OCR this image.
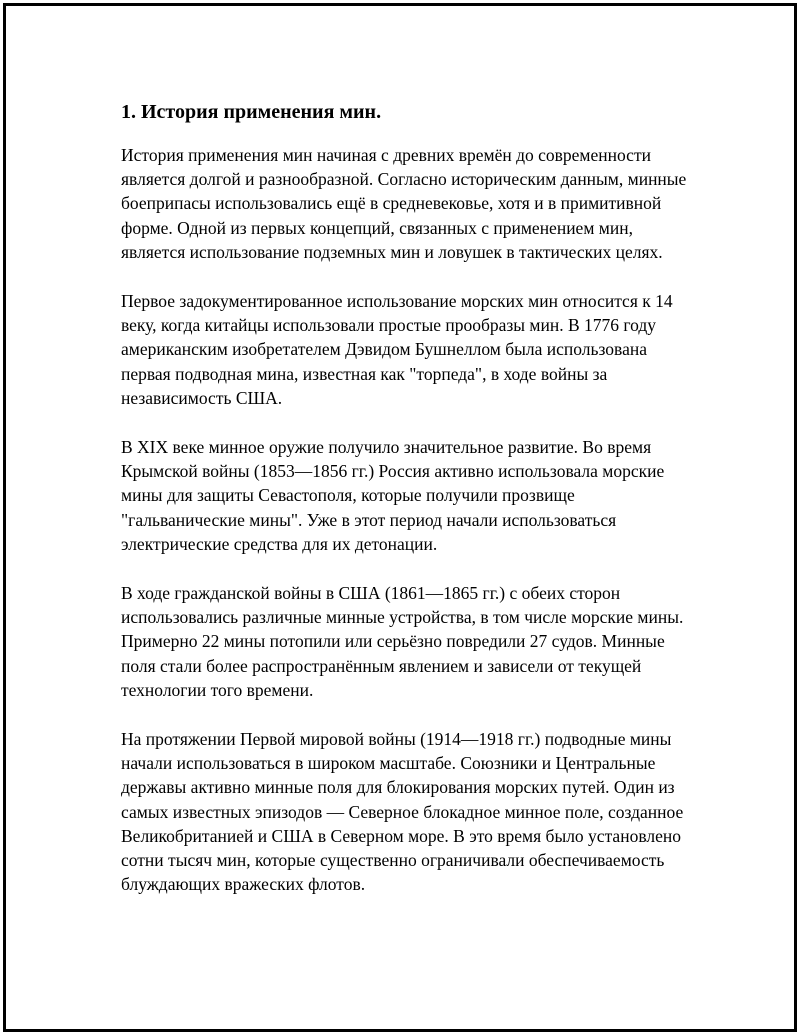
1. История применения мин.

История применения мин начиная с древних времён до современности является долгой и разнообразной. Согласно историческим данным, минные боеприпасы использовались ещё в средневековье, хотя и в примитивной форме. Одной из первых концепций, связанных с применением мин, является использование подземных мин и ловушек в тактических целях.

Первое задокументированное использование морских мин относится к 14 веку, когда китайцы использовали простые прообразы мин. В 1776 году американским изобретателем Дэвидом Бушнеллом была использована первая подводная мина, известная как "торпеда", в ходе войны за независимость США.

В XIX веке минное оружие получило значительное развитие. Во время Крымской войны (1853—1856 гг.) Россия активно использовала морские мины для защиты Севастополя, которые получили прозвище "гальванические мины". Уже в этот период начали использоваться электрические средства для их детонации.

В ходе гражданской войны в США (1861—1865 гг.) с обеих сторон использовались различные минные устройства, в том числе морские мины. Примерно 22 мины потопили или серьёзно повредили 27 судов. Минные поля стали более распространённым явлением и зависели от текущей технологии того времени.

На протяжении Первой мировой войны (1914—1918 гг.) подводные мины начали использоваться в широком масштабе. Союзники и Центральные державы активно минные поля для блокирования морских путей. Один из самых известных эпизодов — Северное блокадное минное поле, созданное Великобританией и США в Северном море. В это время было установлено сотни тысяч мин, которые существенно ограничивали обеспечиваемость блуждающих вражеских флотов.
